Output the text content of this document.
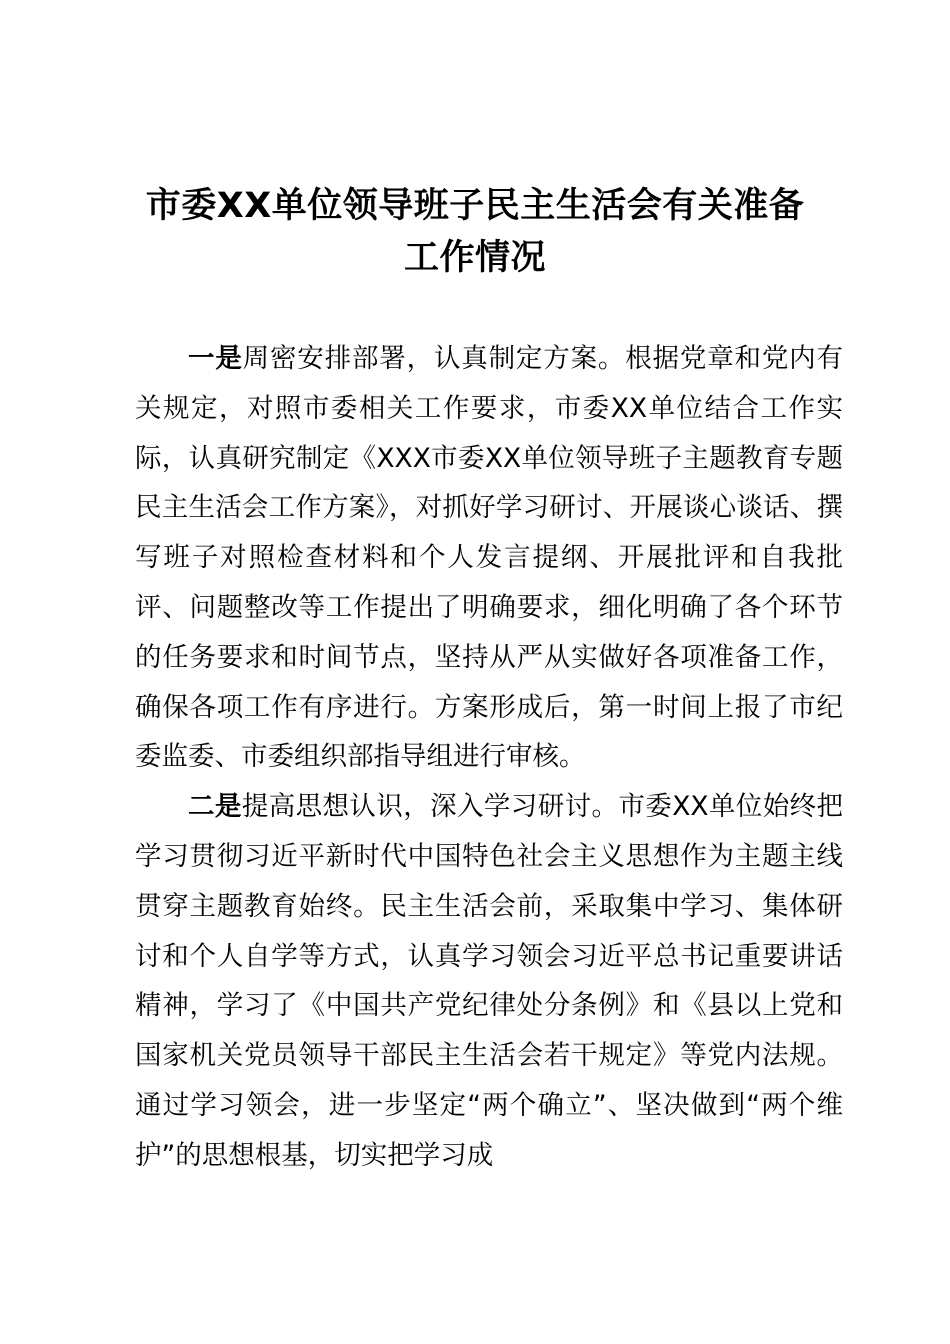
市委XX单位领导班子民主生活会有关准备
工作情况

一是周密安排部署，认真制定方案。根据党章和党内有关规定，对照市委相关工作要求，市委XX单位结合工作实际，认真研究制定《XXX市委XX单位领导班子主题教育专题民主生活会工作方案》，对抓好学习研讨、开展谈心谈话、撰写班子对照检查材料和个人发言提纲、开展批评和自我批评、问题整改等工作提出了明确要求，细化明确了各个环节的任务要求和时间节点，坚持从严从实做好各项准备工作，确保各项工作有序进行。方案形成后，第一时间上报了市纪委监委、市委组织部指导组进行审核。

二是提高思想认识，深入学习研讨。市委XX单位始终把学习贯彻习近平新时代中国特色社会主义思想作为主题主线贯穿主题教育始终。民主生活会前，采取集中学习、集体研讨和个人自学等方式，认真学习领会习近平总书记重要讲话精神，学习了《中国共产党纪律处分条例》和《县以上党和国家机关党员领导干部民主生活会若干规定》等党内法规。通过学习领会，进一步坚定“两个确立”、坚决做到“两个维护”的思想根基，切实把学习成
